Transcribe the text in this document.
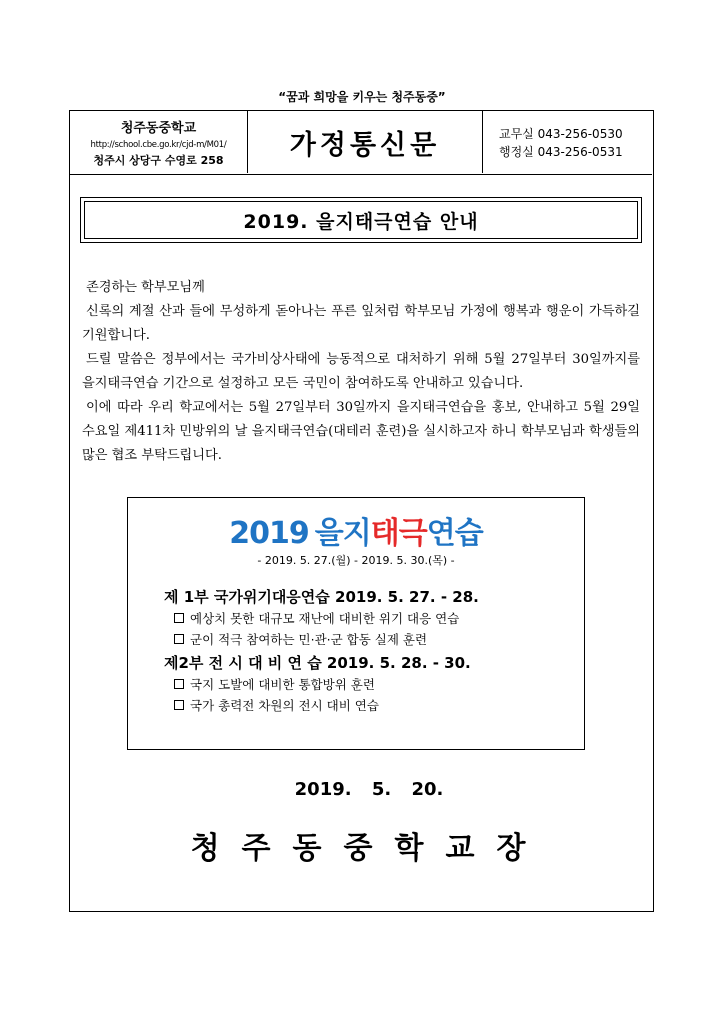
“꿈과 희망을 키우는 청주동중”
청주동중학교
http://school.cbe.go.kr/cjd-m/M01/
청주시 상당구 수영로 258	가정통신문	교무실 043-256-0530
행정실 043-256-0531
2019. 을지태극연습 안내

존경하는 학부모님께

신록의 계절 산과 들에 무성하게 돋아나는 푸른 잎처럼 학부모님 가정에 행복과 행운이 가득하길 기원합니다.

드릴 말씀은 정부에서는 국가비상사태에 능동적으로 대처하기 위해 5월 27일부터 30일까지를 을지태극연습 기간으로 설정하고 모든 국민이 참여하도록 안내하고 있습니다.

이에 따라 우리 학교에서는 5월 27일부터 30일까지 을지태극연습을 홍보, 안내하고 5월 29일 수요일 제411차 민방위의 날 을지태극연습(대테러 훈련)을 실시하고자 하니 학부모님과 학생들의 많은 협조 부탁드립니다.

2019 을지태극연습
- 2019. 5. 27.(월) - 2019. 5. 30.(목) -
제 1부 국가위기대응연습 2019. 5. 27. - 28.
예상치 못한 대규모 재난에 대비한 위기 대응 연습
군이 적극 참여하는 민·관·군 합동 실제 훈련
제2부 전 시 대 비 연 습 2019. 5. 28. - 30.
국지 도발에 대비한 통합방위 훈련
국가 총력전 차원의 전시 대비 연습
2019. 5. 20.
청주동중학교장
